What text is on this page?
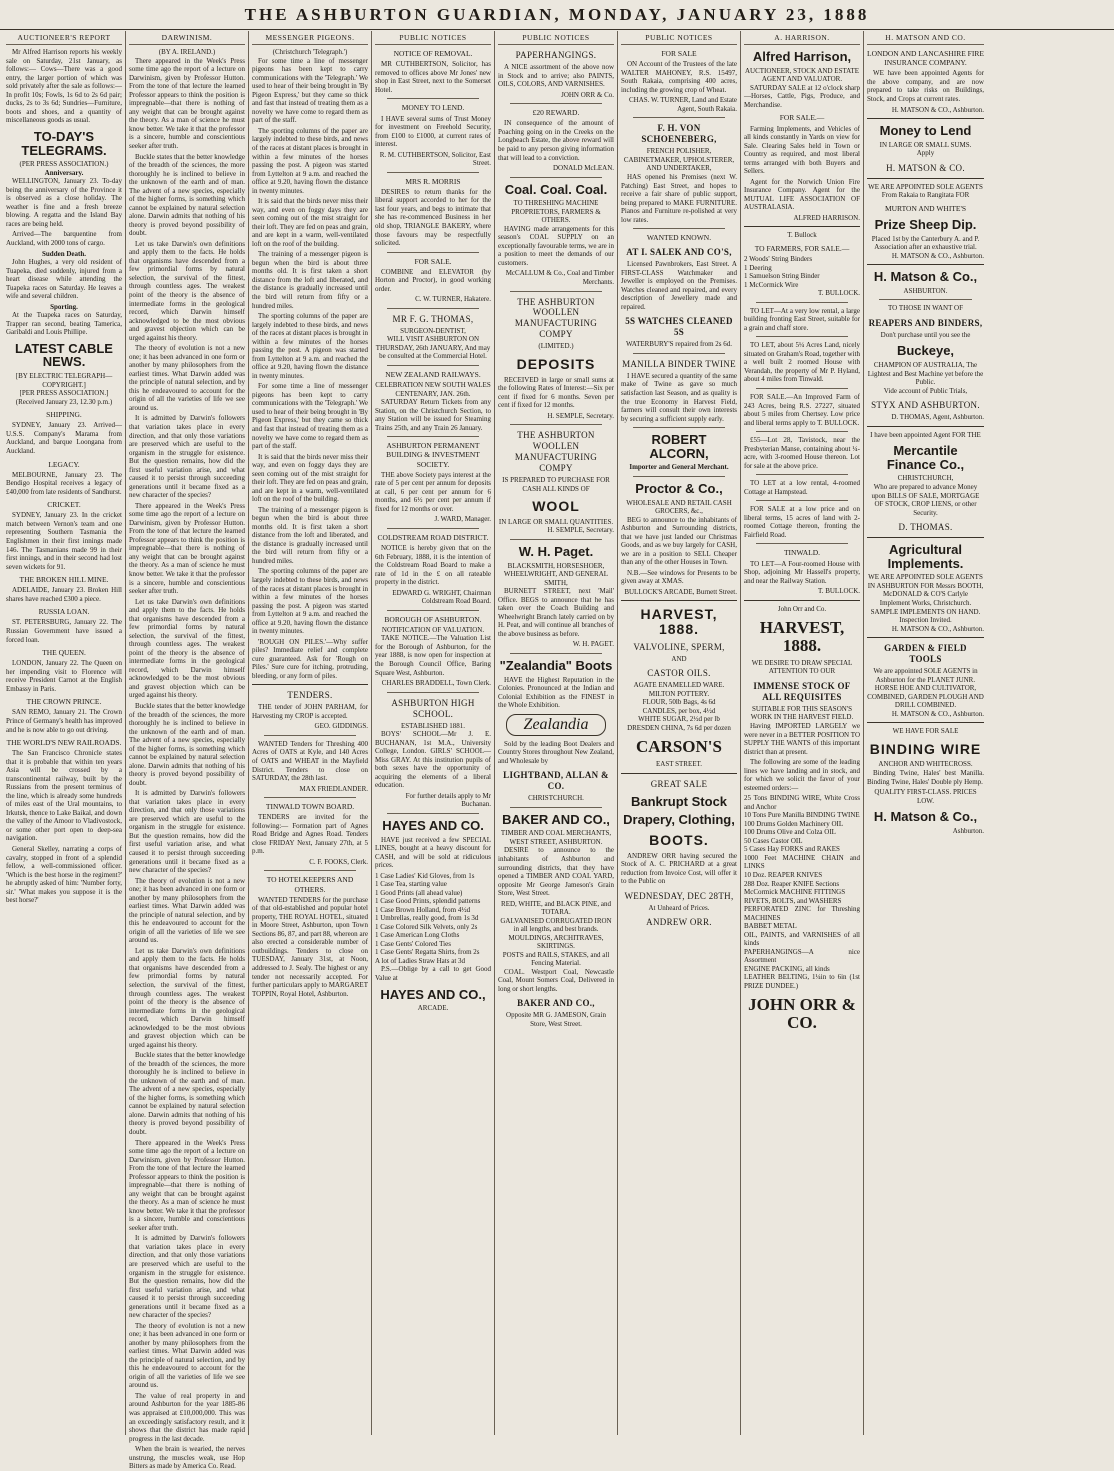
THE ASHBURTON GUARDIAN, MONDAY, JANUARY 23, 1888
AUCTIONEER'S REPORT
Mr Alfred Harrison reports his weekly sale on Saturday, 21st January, as follows:— Cows—There was a good entry, the larger portion of which was sold privately after the sale as follows:—In profit 10s; Fowls, 1s 6d to 2s 6d pair; ducks, 2s to 3s 6d; Sundries—Furniture, boots and shoes, and a quantity of miscellaneous goods as usual.
TO-DAY'S TELEGRAMS.
(PER PRESS ASSOCIATION.)
Anniversary.
WELLINGTON, January 23. To-day being the anniversary of the Province it is observed as a close holiday. The weather is fine and a fresh breeze blowing. A regatta and the Island Bay races are being held.
Arrived—The barquentine from Auckland, with 2000 tons of cargo.
Sudden Death.
John Hughes, a very old resident of Tuapeka, died suddenly, injured from a heart disease while attending the Tuapeka races on Saturday. He leaves a wife and several children.
Sporting.
At the Tuapeka races on Saturday, Trapper ran second, beating Tamerica, Garibaldi and Louis Phillipe.
LATEST CABLE NEWS.
[BY ELECTRIC TELEGRAPH—COPYRIGHT.]
[PER PRESS ASSOCIATION.]
(Received January 23, 12.30 p.m.)
SHIPPING.
SYDNEY, January 23. Arrived—U.S.S. Company's Marama from Auckland, and barque Loongana from Auckland.
LEGACY.
MELBOURNE, January 23. The Bendigo Hospital receives a legacy of £40,000 from late residents of Sandhurst.
CRICKET.
SYDNEY, January 23. In the cricket match between Vernon's team and one representing Southern Tasmania the Englishmen in their first innings made 146. The Tasmanians made 99 in their first innings, and in their second had lost seven wickets for 91.
THE BROKEN HILL MINE.
ADELAIDE, January 23. Broken Hill shares have reached £300 a piece.
RUSSIA LOAN.
ST. PETERSBURG, January 22. The Russian Government have issued a forced loan.
THE QUEEN.
LONDON, January 22. The Queen on her impending visit to Florence will receive President Carnot at the English Embassy in Paris.
THE CROWN PRINCE.
SAN REMO, January 21. The Crown Prince of Germany's health has improved and he is now able to go out driving.
THE WORLD'S NEW RAILROADS.
The San Francisco Chronicle states that it is probable that within ten years Asia will be crossed by a transcontinental railway, built by the Russians from the present terminus of the line, which is already some hundreds of miles east of the Ural mountains, to Irkutsk, thence to Lake Baikal, and down the valley of the Amoor to Vladivostock, or some other port open to deep-sea navigation.
General Skelley, narrating a corps of cavalry, stopped in front of a splendid fellow, a well-commissioned officer. 'Which is the best horse in the regiment?' he abruptly asked of him: 'Number forty, sir.' 'What makes you suppose it is the best horse?'
DARWINISM.
(BY A. IRELAND.)
There appeared in the Week's Press some time ago the report of a lecture on Darwinism, given by Professor Hutton. From the tone of that lecture the learned Professor appears to think the position is impregnable—that there is nothing of any weight that can be brought against the theory. As a man of science he must know better. We take it that the professor is a sincere, humble and conscientious seeker after truth.
Buckle states that the better knowledge of the breadth of the sciences, the more thoroughly he is inclined to believe in the unknown of the earth and of man. The advent of a new species, especially of the higher forms, is something which cannot be explained by natural selection alone. Darwin admits that nothing of his theory is proved beyond possibility of doubt.
Let us take Darwin's own definitions and apply them to the facts. He holds that organisms have descended from a few primordial forms by natural selection, the survival of the fittest, through countless ages. The weakest point of the theory is the absence of intermediate forms in the geological record, which Darwin himself acknowledged to be the most obvious and gravest objection which can be urged against his theory.
The theory of evolution is not a new one; it has been advanced in one form or another by many philosophers from the earliest times. What Darwin added was the principle of natural selection, and by this he endeavoured to account for the origin of all the varieties of life we see around us.
It is admitted by Darwin's followers that variation takes place in every direction, and that only those variations are preserved which are useful to the organism in the struggle for existence. But the question remains, how did the first useful variation arise, and what caused it to persist through succeeding generations until it became fixed as a new character of the species?
There appeared in the Week's Press some time ago the report of a lecture on Darwinism, given by Professor Hutton. From the tone of that lecture the learned Professor appears to think the position is impregnable—that there is nothing of any weight that can be brought against the theory. As a man of science he must know better. We take it that the professor is a sincere, humble and conscientious seeker after truth.
Let us take Darwin's own definitions and apply them to the facts. He holds that organisms have descended from a few primordial forms by natural selection, the survival of the fittest, through countless ages. The weakest point of the theory is the absence of intermediate forms in the geological record, which Darwin himself acknowledged to be the most obvious and gravest objection which can be urged against his theory.
Buckle states that the better knowledge of the breadth of the sciences, the more thoroughly he is inclined to believe in the unknown of the earth and of man. The advent of a new species, especially of the higher forms, is something which cannot be explained by natural selection alone. Darwin admits that nothing of his theory is proved beyond possibility of doubt.
It is admitted by Darwin's followers that variation takes place in every direction, and that only those variations are preserved which are useful to the organism in the struggle for existence. But the question remains, how did the first useful variation arise, and what caused it to persist through succeeding generations until it became fixed as a new character of the species?
The theory of evolution is not a new one; it has been advanced in one form or another by many philosophers from the earliest times. What Darwin added was the principle of natural selection, and by this he endeavoured to account for the origin of all the varieties of life we see around us.
Let us take Darwin's own definitions and apply them to the facts. He holds that organisms have descended from a few primordial forms by natural selection, the survival of the fittest, through countless ages. The weakest point of the theory is the absence of intermediate forms in the geological record, which Darwin himself acknowledged to be the most obvious and gravest objection which can be urged against his theory.
Buckle states that the better knowledge of the breadth of the sciences, the more thoroughly he is inclined to believe in the unknown of the earth and of man. The advent of a new species, especially of the higher forms, is something which cannot be explained by natural selection alone. Darwin admits that nothing of his theory is proved beyond possibility of doubt.
There appeared in the Week's Press some time ago the report of a lecture on Darwinism, given by Professor Hutton. From the tone of that lecture the learned Professor appears to think the position is impregnable—that there is nothing of any weight that can be brought against the theory. As a man of science he must know better. We take it that the professor is a sincere, humble and conscientious seeker after truth.
It is admitted by Darwin's followers that variation takes place in every direction, and that only those variations are preserved which are useful to the organism in the struggle for existence. But the question remains, how did the first useful variation arise, and what caused it to persist through succeeding generations until it became fixed as a new character of the species?
The theory of evolution is not a new one; it has been advanced in one form or another by many philosophers from the earliest times. What Darwin added was the principle of natural selection, and by this he endeavoured to account for the origin of all the varieties of life we see around us.
The value of real property in and around Ashburton for the year 1885-86 was appraised at £10,000,000. This was an exceedingly satisfactory result, and it shows that the district has made rapid progress in the last decade.
When the brain is wearied, the nerves unstrung, the muscles weak, use Hop Bitters as made by America Co. Read.
MESSENGER PIGEONS.
(Christchurch 'Telegraph.')
For some time a line of messenger pigeons has been kept to carry communications with the 'Telegraph.' We used to hear of their being brought in 'By Pigeon Express,' but they came so thick and fast that instead of treating them as a novelty we have come to regard them as part of the staff.
The sporting columns of the paper are largely indebted to these birds, and news of the races at distant places is brought in within a few minutes of the horses passing the post. A pigeon was started from Lyttelton at 9 a.m. and reached the office at 9.20, having flown the distance in twenty minutes.
It is said that the birds never miss their way, and even on foggy days they are seen coming out of the mist straight for their loft. They are fed on peas and grain, and are kept in a warm, well-ventilated loft on the roof of the building.
The training of a messenger pigeon is begun when the bird is about three months old. It is first taken a short distance from the loft and liberated, and the distance is gradually increased until the bird will return from fifty or a hundred miles.
The sporting columns of the paper are largely indebted to these birds, and news of the races at distant places is brought in within a few minutes of the horses passing the post. A pigeon was started from Lyttelton at 9 a.m. and reached the office at 9.20, having flown the distance in twenty minutes.
For some time a line of messenger pigeons has been kept to carry communications with the 'Telegraph.' We used to hear of their being brought in 'By Pigeon Express,' but they came so thick and fast that instead of treating them as a novelty we have come to regard them as part of the staff.
It is said that the birds never miss their way, and even on foggy days they are seen coming out of the mist straight for their loft. They are fed on peas and grain, and are kept in a warm, well-ventilated loft on the roof of the building.
The training of a messenger pigeon is begun when the bird is about three months old. It is first taken a short distance from the loft and liberated, and the distance is gradually increased until the bird will return from fifty or a hundred miles.
The sporting columns of the paper are largely indebted to these birds, and news of the races at distant places is brought in within a few minutes of the horses passing the post. A pigeon was started from Lyttelton at 9 a.m. and reached the office at 9.20, having flown the distance in twenty minutes.
'ROUGH ON PILES.'—Why suffer piles? Immediate relief and complete cure guaranteed. Ask for 'Rough on Piles.' Sure cure for itching, protruding, bleeding, or any form of piles.
TENDERS.
THE tender of JOHN PARHAM, for Harvesting my CROP is accepted.
GEO. GIDDINGS.
WANTED Tenders for Threshing 400 Acres of OATS at Kyle, and 140 Acres of OATS and WHEAT in the Mayfield District. Tenders to close on SATURDAY, the 28th last.
MAX FRIEDLANDER.
TINWALD TOWN BOARD.
TENDERS are invited for the following:— Formation part of Agnes Road Bridge and Agnes Road. Tenders close FRIDAY Next, January 27th, at 5 p.m.
C. F. FOOKS, Clerk.
TO HOTELKEEPERS AND OTHERS.
WANTED TENDERS for the purchase of that old-established and popular hotel property, THE ROYAL HOTEL, situated in Moore Street, Ashburton, upon Town Sections 86, 87, and part 88, whereon are also erected a considerable number of outbuildings. Tenders to close on TUESDAY, January 31st, at Noon, addressed to J. Sealy. The highest or any tender not necessarily accepted. For further particulars apply to MARGARET TOPPIN, Royal Hotel, Ashburton.
PUBLIC NOTICES
NOTICE OF REMOVAL.
MR CUTHBERTSON, Solicitor, has removed to offices above Mr Jones' new shop in East Street, next to the Somerset Hotel.
MONEY TO LEND.
I HAVE several sums of Trust Money for investment on Freehold Security, from £100 to £1000, at current rates of interest.
R. M. CUTHBERTSON, Solicitor, East Street.
MRS R. MORRIS
DESIRES to return thanks for the liberal support accorded to her for the last four years, and begs to intimate that she has re-commenced Business in her old shop, TRIANGLE BAKERY, where those favours may be respectfully solicited.
FOR SALE.
COMBINE and ELEVATOR (by Horton and Proctor), in good working order.
C. W. TURNER, Hakatere.
MR F. G. THOMAS,
SURGEON-DENTIST,
WILL VISIT ASHBURTON ON THURSDAY, 26th JANUARY, And may be consulted at the Commercial Hotel.
NEW ZEALAND RAILWAYS.
CELEBRATION NEW SOUTH WALES CENTENARY, JAN. 26th.
SATURDAY Return Tickets from any Station, on the Christchurch Section, to any Station will be issued for Steaming Trains 25th, and any Train 26 January.
ASHBURTON PERMANENT BUILDING & INVESTMENT SOCIETY.
THE above Society pays interest at the rate of 5 per cent per annum for deposits at call, 6 per cent per annum for 6 months, and 6½ per cent per annum if fixed for 12 months or over.
J. WARD, Manager.
COLDSTREAM ROAD DISTRICT.
NOTICE is hereby given that on the 6th February, 1888, it is the intention of the Coldstream Road Board to make a rate of 1d in the £ on all rateable property in the district.
EDWARD G. WRIGHT, Chairman Coldstream Road Board.
BOROUGH OF ASHBURTON.
NOTIFICATION OF VALUATION.
TAKE NOTICE.—The Valuation List for the Borough of Ashburton, for the year 1888, is now open for inspection at the Borough Council Office, Baring Square West, Ashburton.
CHARLES BRADDELL, Town Clerk.
ASHBURTON HIGH SCHOOL.
ESTABLISHED 1881.
BOYS' SCHOOL—Mr J. E. BUCHANAN, 1st M.A., University College, London. GIRLS' SCHOOL—Miss GRAY. At this institution pupils of both sexes have the opportunity of acquiring the elements of a liberal education.
For further details apply to Mr Buchanan.
HAYES AND CO.
HAVE just received a few SPECIAL LINES, bought at a heavy discount for CASH, and will be sold at ridiculous prices.
1 Case Ladies' Kid Gloves, from 1s
1 Case Tea, starting value
1 Good Prints (all ahead value)
1 Case Good Prints, splendid patterns
1 Case Brown Holland, from 4½d
1 Umbrellas, really good, from 1s 3d
1 Case Colored Silk Velvets, only 2s
1 Case American Long Cloths
1 Case Gents' Colored Ties
1 Case Gents' Regatta Shirts, from 2s
A lot of Ladies Straw Hats at 3d
P.S.—Oblige by a call to get Good Value at
HAYES AND CO.,
ARCADE.
PUBLIC NOTICES
PAPERHANGINGS.
A NICE assortment of the above now in Stock and to arrive; also PAINTS, OILS, COLORS, AND VARNISHES.
JOHN ORR & Co.
£20 REWARD.
IN consequence of the amount of Poaching going on in the Creeks on the Longbeach Estate, the above reward will be paid to any person giving information that will lead to a conviction.
DONALD McLEAN.
Coal. Coal. Coal.
TO THRESHING MACHINE PROPRIETORS, FARMERS & OTHERS.
HAVING made arrangements for this season's COAL SUPPLY on an exceptionally favourable terms, we are in a position to meet the demands of our customers.
McCALLUM & Co., Coal and Timber Merchants.
THE ASHBURTON WOOLLEN MANUFACTURING COMPY
(LIMITED.)
DEPOSITS
RECEIVED in large or small sums at the following Rates of Interest:—Six per cent if fixed for 6 months. Seven per cent if fixed for 12 months.
H. SEMPLE, Secretary.
THE ASHBURTON WOOLLEN MANUFACTURING COMPY
IS PREPARED TO PURCHASE FOR CASH ALL KINDS OF
WOOL
IN LARGE OR SMALL QUANTITIES.
H. SEMPLE, Secretary.
W. H. Paget.
BLACKSMITH, HORSESHOER, WHEELWRIGHT, AND GENERAL SMITH,
BURNETT STREET, next 'Mail' Office. BEGS to announce that he has taken over the Coach Building and Wheelwright Branch lately carried on by H. Peat, and will continue all branches of the above business as before.
W. H. PAGET.
"Zealandia" Boots
HAVE the Highest Reputation in the Colonies. Pronounced at the Indian and Colonial Exhibition as the FINEST in the Whole Exhibition.
Zealandia
Sold by the leading Boot Dealers and Country Stores throughout New Zealand, and Wholesale by
LIGHTBAND, ALLAN & CO.
CHRISTCHURCH.
BAKER AND CO.,
TIMBER AND COAL MERCHANTS,
WEST STREET, ASHBURTON.
DESIRE to announce to the inhabitants of Ashburton and surrounding districts, that they have opened a TIMBER AND COAL YARD, opposite Mr George Jameson's Grain Store, West Street.
RED, WHITE, and BLACK PINE, and TOTARA.
GALVANISED CORRUGATED IRON in all lengths, and best brands.
MOULDINGS, ARCHITRAVES, SKIRTINGS.
POSTS and RAILS, STAKES, and all Fencing Material.
COAL. Westport Coal, Newcastle Coal, Mount Somers Coal, Delivered in long or short lengths.
BAKER AND CO.,
Opposite MR G. JAMESON, Grain Store, West Street.
PUBLIC NOTICES
FOR SALE
ON Account of the Trustees of the late WALTER MAHONEY, R.S. 15497, South Rakaia, comprising 400 acres, including the growing crop of Wheat.
CHAS. W. TURNER, Land and Estate Agent, South Rakaia.
F. H. VON SCHOENEBERG,
FRENCH POLISHER, CABINETMAKER, UPHOLSTERER, AND UNDERTAKER,
HAS opened his Premises (next W. Patching) East Street, and hopes to receive a fair share of public support, being prepared to MAKE FURNITURE. Pianos and Furniture re-polished at very low rates.
WANTED KNOWN.
AT I. SALEK AND CO'S,
Licensed Pawnbrokers, East Street. A FIRST-CLASS Watchmaker and Jeweller is employed on the Premises. Watches cleaned and repaired, and every description of Jewellery made and repaired.
5S WATCHES CLEANED 5S
WATERBURY'S repaired from 2s 6d.
MANILLA BINDER TWINE
I HAVE secured a quantity of the same make of Twine as gave so much satisfaction last Season, and as quality is the true Economy in Harvest Field, farmers will consult their own interests by securing a sufficient supply early.
ROBERT ALCORN,
Importer and General Merchant.
Proctor & Co.,
WHOLESALE AND RETAIL CASH GROCERS, &c.,
BEG to announce to the inhabitants of Ashburton and Surrounding districts, that we have just landed our Christmas Goods, and as we buy largely for CASH, we are in a position to SELL Cheaper than any of the other Houses in Town.
N.B.—See windows for Presents to be given away at XMAS.
BULLOCK'S ARCADE, Burnett Street.
HARVEST, 1888.
VALVOLINE, SPERM,
AND
CASTOR OILS.
AGATE ENAMELLED WARE.
MILTON POTTERY.
FLOUR, 50lb Bags, 4s 6d
CANDLES, per box, 4½d
WHITE SUGAR, 2½d per lb
DRESDEN CHINA, 7s 6d per dozen
CARSON'S
EAST STREET.
GREAT SALE
Bankrupt Stock
Drapery, Clothing,
BOOTS.
ANDREW ORR having secured the Stock of A. C. PRICHARD at a great reduction from Invoice Cost, will offer it to the Public on
WEDNESDAY, DEC 28TH,
At Unheard of Prices.
ANDREW ORR.
A. HARRISON.
Alfred Harrison,
AUCTIONEER, STOCK AND ESTATE AGENT AND VALUATOR.
SATURDAY SALE at 12 o'clock sharp—Horses, Cattle, Pigs, Produce, and Merchandise.
FOR SALE.—
Farming Implements, and Vehicles of all kinds constantly in Yards on view for Sale. Clearing Sales held in Town or Country as required, and most liberal terms arranged with both Buyers and Sellers.
Agent for the Norwich Union Fire Insurance Company. Agent for the MUTUAL LIFE ASSOCIATION OF AUSTRALASIA.
ALFRED HARRISON.
T. Bullock
TO FARMERS, FOR SALE.—
2 Woods' String Binders
1 Deering
1 Samuelson String Binder
1 McCormick Wire
T. BULLOCK.
TO LET—At a very low rental, a large building fronting East Street, suitable for a grain and chaff store.
TO LET, about 5¼ Acres Land, nicely situated on Graham's Road, together with a well built 2 roomed House with Verandah, the property of Mr P. Hyland, about 4 miles from Tinwald.
FOR SALE.—An Improved Farm of 243 Acres, being R.S. 27227, situated about 5 miles from Chertsey. Low price and liberal terms apply to T. BULLOCK.
£55—Lot 28, Tavistock, near the Presbyterian Manse, containing about ¼-acre, with 3-roomed House thereon. Lot for sale at the above price.
TO LET at a low rental, 4-roomed Cottage at Hampstead.
FOR SALE at a low price and on liberal terms, 15 acres of land with 2-roomed Cottage thereon, fronting the Fairfield Road.
TINWALD.
TO LET—A Four-roomed House with Shop, adjoining Mr Hassell's property, and near the Railway Station.
T. BULLOCK.
John Orr and Co.
HARVEST, 1888.
WE DESIRE TO DRAW SPECIAL ATTENTION TO OUR
IMMENSE STOCK OF ALL REQUISITES
SUITABLE FOR THIS SEASON'S WORK IN THE HARVEST FIELD.
Having IMPORTED LARGELY we were never in a BETTER POSITION TO SUPPLY THE WANTS of this important district than at present.
The following are some of the leading lines we have landing and in stock, and for which we solicit the favor of your esteemed orders:—
25 Tons BINDING WIRE, White Cross and Anchor
10 Tons Pure Manilla BINDING TWINE
100 Drums Golden Machinery OIL
100 Drums Olive and Colza OIL
50 Cases Castor OIL
5 Cases Hay FORKS and RAKES
1000 Feet MACHINE CHAIN and LINKS
10 Doz. REAPER KNIVES
288 Doz. Reaper KNIFE Sections
McCormick MACHINE FITTINGS
RIVETS, BOLTS, and WASHERS
PERFORATED ZINC for Threshing MACHINES
BABBET METAL
OIL, PAINTS, and VARNISHES of all kinds
PAPERHANGINGS—A nice Assortment
ENGINE PACKING, all kinds
LEATHER BELTING, 1¼in to 6in (1st PRIZE DUNDEE.)
JOHN ORR & CO.
H. MATSON AND CO.
LONDON AND LANCASHIRE FIRE INSURANCE COMPANY.
WE have been appointed Agents for the above company, and are now prepared to take risks on Buildings, Stock, and Crops at current rates.
H. MATSON & CO., Ashburton.
Money to Lend
IN LARGE OR SMALL SUMS.
Apply
H. MATSON & CO.
WE ARE APPOINTED SOLE AGENTS From Rakaia to Rangitata FOR
MURTON AND WHITE'S
Prize Sheep Dip.
Placed 1st by the Canterbury A. and P. Association after an exhaustive trial.
H. MATSON & CO., Ashburton.
H. Matson & Co.,
ASHBURTON.
TO THOSE IN WANT OF
REAPERS AND BINDERS,
Don't purchase until you see the
Buckeye,
CHAMPION OF AUSTRALIA, The Lightest and Best Machine yet before the Public.
Vide account of Public Trials,
STYX AND ASHBURTON.
D. THOMAS, Agent, Ashburton.
I have been appointed Agent FOR THE
Mercantile Finance Co.,
CHRISTCHURCH,
Who are prepared to advance Money upon BILLS OF SALE, MORTGAGE OF STOCK, CROP LIENS, or other Security.
D. THOMAS.
Agricultural Implements.
WE ARE APPOINTED SOLE AGENTS IN ASHBURTON FOR Messrs BOOTH, McDONALD & CO'S Carlyle Implement Works, Christchurch.
SAMPLE IMPLEMENTS ON HAND. Inspection Invited.
H. MATSON & CO., Ashburton.
GARDEN & FIELD TOOLS
We are appointed SOLE AGENTS in Ashburton for the PLANET JUNR. HORSE HOE AND CULTIVATOR, COMBINED, GARDEN PLOUGH AND DRILL COMBINED.
H. MATSON & CO., Ashburton.
WE HAVE FOR SALE
BINDING WIRE
ANCHOR AND WHITECROSS.
Binding Twine, Hales' best Manilla. Binding Twine, Hales' Double ply Hemp.
QUALITY FIRST-CLASS. PRICES LOW.
H. Matson & Co.,
Ashburton.
